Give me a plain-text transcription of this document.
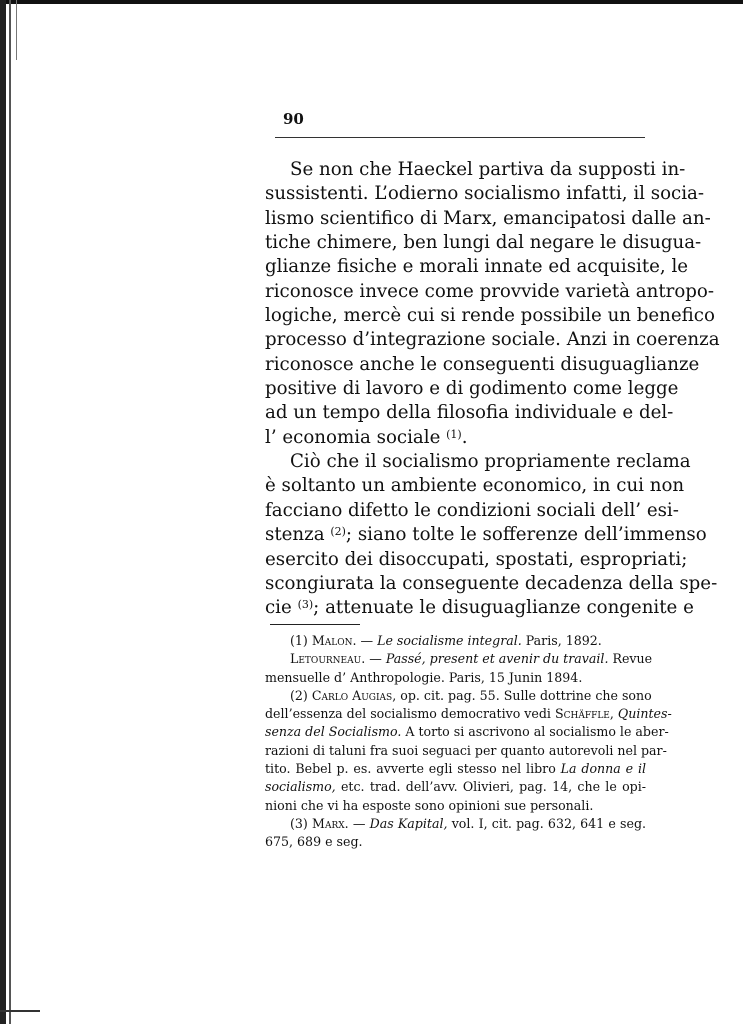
90
Se non che Haeckel partiva da supposti in-
sussistenti. L’odierno socialismo infatti, il socia-
lismo scientifico di Marx, emancipatosi dalle an-
tiche chimere, ben lungi dal negare le disugua-
glianze fisiche e morali innate ed acquisite, le
riconosce invece come provvide varietà antropo-
logiche, mercè cui si rende possibile un benefico
processo d’integrazione sociale. Anzi in coerenza
riconosce anche le conseguenti disuguaglianze
positive di lavoro e di godimento come legge
ad un tempo della filosofia individuale e del-
l’ economia sociale $^{(1)}$.
Ciò che il socialismo propriamente reclama
è soltanto un ambiente economico, in cui non
facciano difetto le condizioni sociali dell’ esi-
stenza $^{(2)}$; siano tolte le sofferenze dell’immenso
esercito dei disoccupati, spostati, espropriati;
scongiurata la conseguente decadenza della spe-
cie $^{(3)}$; attenuate le disuguaglianze congenite e
(1) Malon. — Le socialisme integral. Paris, 1892.
Letourneau. — Passé, present et avenir du travail. Revue
mensuelle d’ Anthropologie. Paris, 15 Junin 1894.
(2) Carlo Augias, op. cit. pag. 55. Sulle dottrine che sono
dell’essenza del socialismo democrativo vedi Schäffle, Quintes-
senza del Socialismo. A torto si ascrivono al socialismo le aber-
razioni di taluni fra suoi seguaci per quanto autorevoli nel par-
tito. Bebel p. es. avverte egli stesso nel libro La donna e il
socialismo, etc. trad. dell’avv. Olivieri, pag. 14, che le opi-
nioni che vi ha esposte sono opinioni sue personali.
(3) Marx. — Das Kapital, vol. I, cit. pag. 632, 641 e seg.
675, 689 e seg.
